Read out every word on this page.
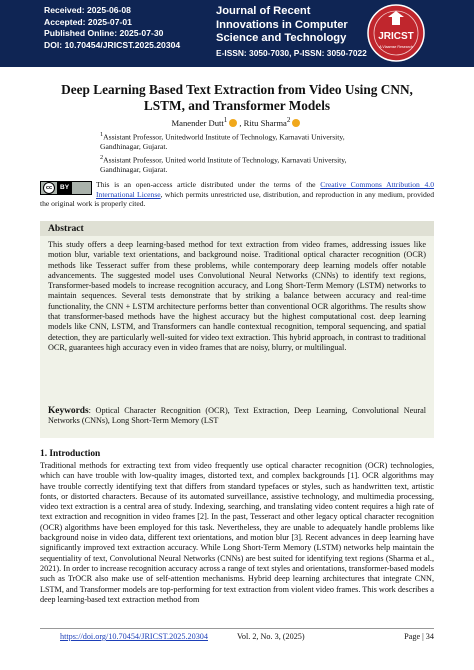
Received: 2025-06-08
Accepted: 2025-07-01
Published Online: 2025-07-30
DOI: 10.70454/JRICST.2025.20304
Journal of Recent Innovations in Computer Science and Technology
E-ISSN: 3050-7030, P-ISSN: 3050-7022
JRICST
A Vlaamse Research
Deep Learning Based Text Extraction from Video Using CNN, LSTM, and Transformer Models
Manender Dutt$^1$ , Ritu Sharma$^2$
$^1$Assistant Professor, Unitedworld Institute of Technology, Karnavati University, Gandhinagar, Gujarat.
$^2$Assistant Professor, United world Institute of Technology, Karnavati University, Gandhinagar, Gujarat.
cc	BY	This is an open-access article distributed under the terms of the Creative Commons Attribution 4.0 International License, which permits unrestricted use, distribution, and reproduction in any medium, provided the original work is properly cited.
Abstract
This study offers a deep learning-based method for text extraction from video frames, addressing issues like motion blur, variable text orientations, and background noise. Traditional optical character recognition (OCR) methods like Tesseract suffer from these problems, while contemporary deep learning models offer notable advancements. The suggested model uses Convolutional Neural Networks (CNNs) to identify text regions, Transformer-based models to increase recognition accuracy, and Long Short-Term Memory (LSTM) networks to maintain sequences. Several tests demonstrate that by striking a balance between accuracy and real-time functionality, the CNN + LSTM architecture performs better than conventional OCR algorithms. The results show that transformer-based methods have the highest accuracy but the highest computational cost. deep learning models like CNN, LSTM, and Transformers can handle contextual recognition, temporal sequencing, and spatial detection, they are particularly well-suited for video text extraction. This hybrid approach, in contrast to traditional OCR, guarantees high accuracy even in video frames that are noisy, blurry, or multilingual.
Keywords: Optical Character Recognition (OCR), Text Extraction, Deep Learning, Convolutional Neural Networks (CNNs), Long Short-Term Memory (LST
1. Introduction
Traditional methods for extracting text from video frequently use optical character recognition (OCR) technologies, which can have trouble with low-quality images, distorted text, and complex backgrounds [1]. OCR algorithms may have trouble correctly identifying text that differs from standard typefaces or styles, such as handwritten text, artistic fonts, or distorted characters. Because of its automated surveillance, assistive technology, and multimedia processing, video text extraction is a central area of study. Indexing, searching, and translating video content requires a high rate of text extraction and recognition in video frames [2]. In the past, Tesseract and other legacy optical character recognition (OCR) algorithms have been employed for this task. Nevertheless, they are unable to adequately handle problems like background noise in video data, different text orientations, and motion blur [3]. Recent advances in deep learning have significantly improved text extraction accuracy. While Long Short-Term Memory (LSTM) networks help maintain the sequentiality of text, Convolutional Neural Networks (CNNs) are best suited for identifying text regions (Sharma et al., 2021). In order to increase recognition accuracy across a range of text styles and orientations, transformer-based models such as TrOCR also make use of self-attention mechanisms. Hybrid deep learning architectures that integrate CNN, LSTM, and Transformer models are top-performing for text extraction from violent video frames. This work describes a deep learning-based text extraction method from
https://doi.org/10.70454/JRICST.2025.20304	Vol. 2, No. 3, (2025)	Page | 34
